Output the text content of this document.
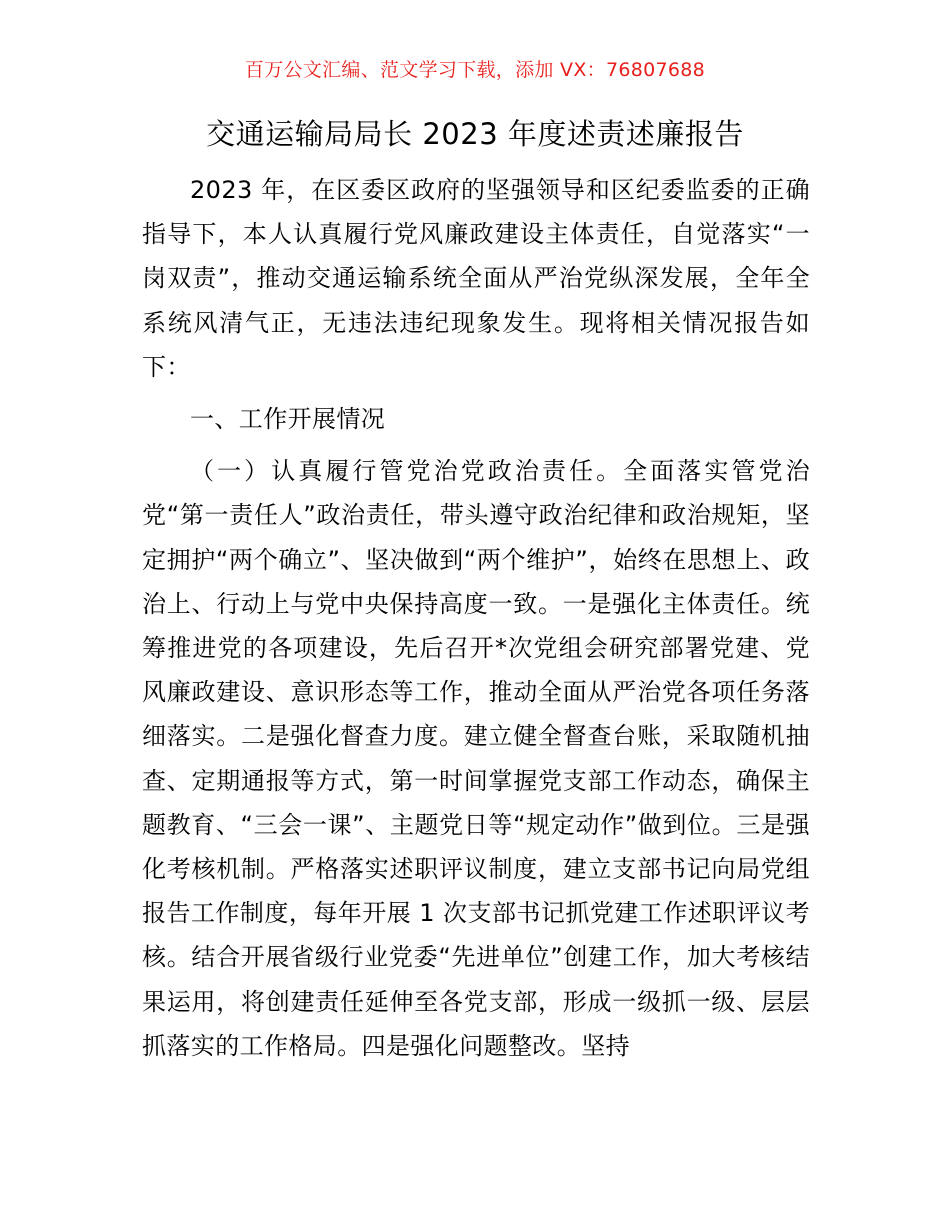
百万公文汇编、范文学习下载，添加 VX：76807688
交通运输局局长 2023 年度述责述廉报告

2023 年，在区委区政府的坚强领导和区纪委监委的正确指导下，本人认真履行党风廉政建设主体责任，自觉落实“一岗双责”，推动交通运输系统全面从严治党纵深发展，全年全系统风清气正，无违法违纪现象发生。现将相关情况报告如下：

一、工作开展情况

（一）认真履行管党治党政治责任。全面落实管党治党“第一责任人”政治责任，带头遵守政治纪律和政治规矩，坚定拥护“两个确立”、坚决做到“两个维护”，始终在思想上、政治上、行动上与党中央保持高度一致。一是强化主体责任。统筹推进党的各项建设，先后召开*次党组会研究部署党建、党风廉政建设、意识形态等工作，推动全面从严治党各项任务落细落实。二是强化督查力度。建立健全督查台账，采取随机抽查、定期通报等方式，第一时间掌握党支部工作动态，确保主题教育、“三会一课”、主题党日等“规定动作”做到位。三是强化考核机制。严格落实述职评议制度，建立支部书记向局党组报告工作制度，每年开展 1 次支部书记抓党建工作述职评议考核。结合开展省级行业党委“先进单位”创建工作，加大考核结果运用，将创建责任延伸至各党支部，形成一级抓一级、层层抓落实的工作格局。四是强化问题整改。坚持
